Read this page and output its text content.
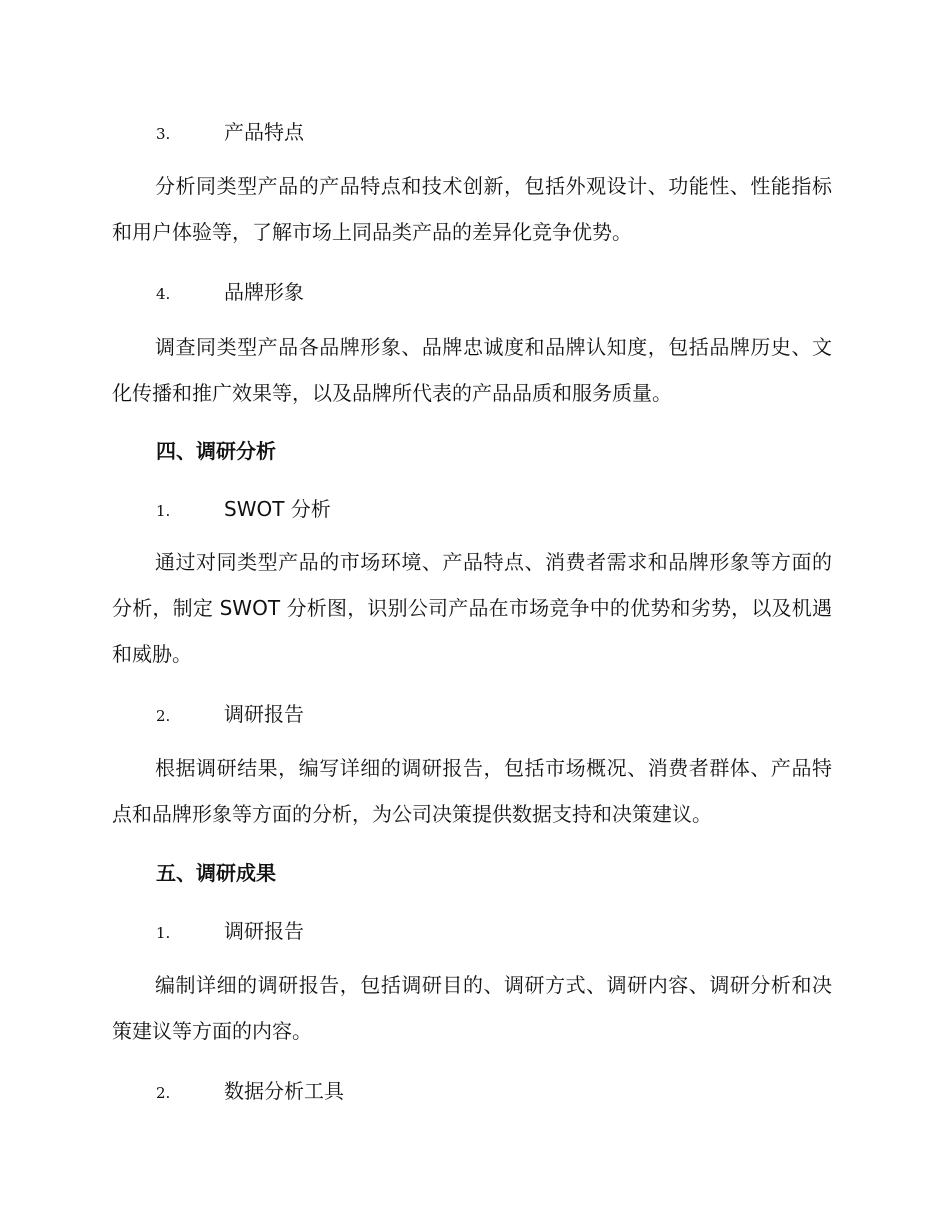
3.	产品特点

分析同类型产品的产品特点和技术创新，包括外观设计、功能性、性能指标和用户体验等，了解市场上同品类产品的差异化竞争优势。

4.	品牌形象

调查同类型产品各品牌形象、品牌忠诚度和品牌认知度，包括品牌历史、文化传播和推广效果等，以及品牌所代表的产品品质和服务质量。

四、调研分析
1.	SWOT 分析

通过对同类型产品的市场环境、产品特点、消费者需求和品牌形象等方面的分析，制定 SWOT 分析图，识别公司产品在市场竞争中的优势和劣势，以及机遇和威胁。

2.	调研报告

根据调研结果，编写详细的调研报告，包括市场概况、消费者群体、产品特点和品牌形象等方面的分析，为公司决策提供数据支持和决策建议。

五、调研成果
1.	调研报告

编制详细的调研报告，包括调研目的、调研方式、调研内容、调研分析和决策建议等方面的内容。

2.	数据分析工具
